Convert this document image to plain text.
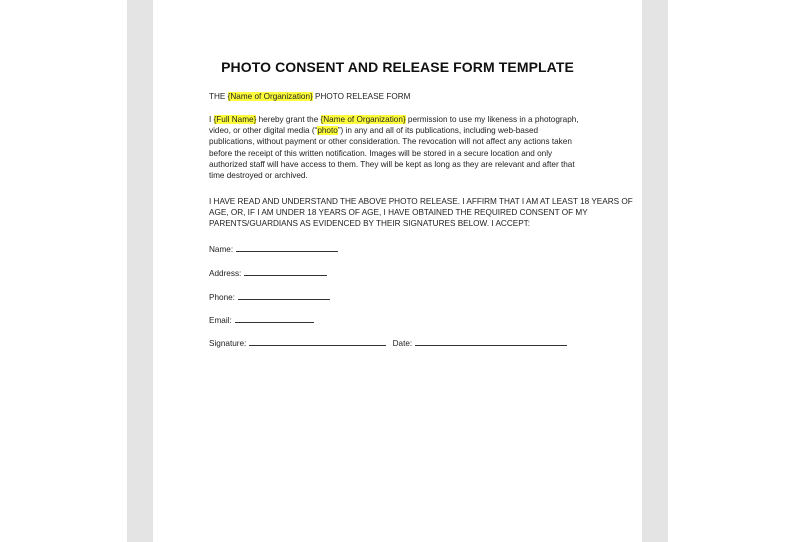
PHOTO CONSENT AND RELEASE FORM TEMPLATE
THE {Name of Organization} PHOTO RELEASE FORM
I {Full Name} hereby grant the {Name of Organization} permission to use my likeness in a photograph,
video, or other digital media (“photo”) in any and all of its publications, including web-based
publications, without payment or other consideration. The revocation will not affect any actions taken
before the receipt of this written notification. Images will be stored in a secure location and only
authorized staff will have access to them. They will be kept as long as they are relevant and after that
time destroyed or archived.
I HAVE READ AND UNDERSTAND THE ABOVE PHOTO RELEASE. I AFFIRM THAT I AM AT LEAST 18 YEARS OF
AGE, OR, IF I AM UNDER 18 YEARS OF AGE, I HAVE OBTAINED THE REQUIRED CONSENT OF MY
PARENTS/GUARDIANS AS EVIDENCED BY THEIR SIGNATURES BELOW. I ACCEPT:
Name:
Address:
Phone:
Email:
Signature:	Date:
